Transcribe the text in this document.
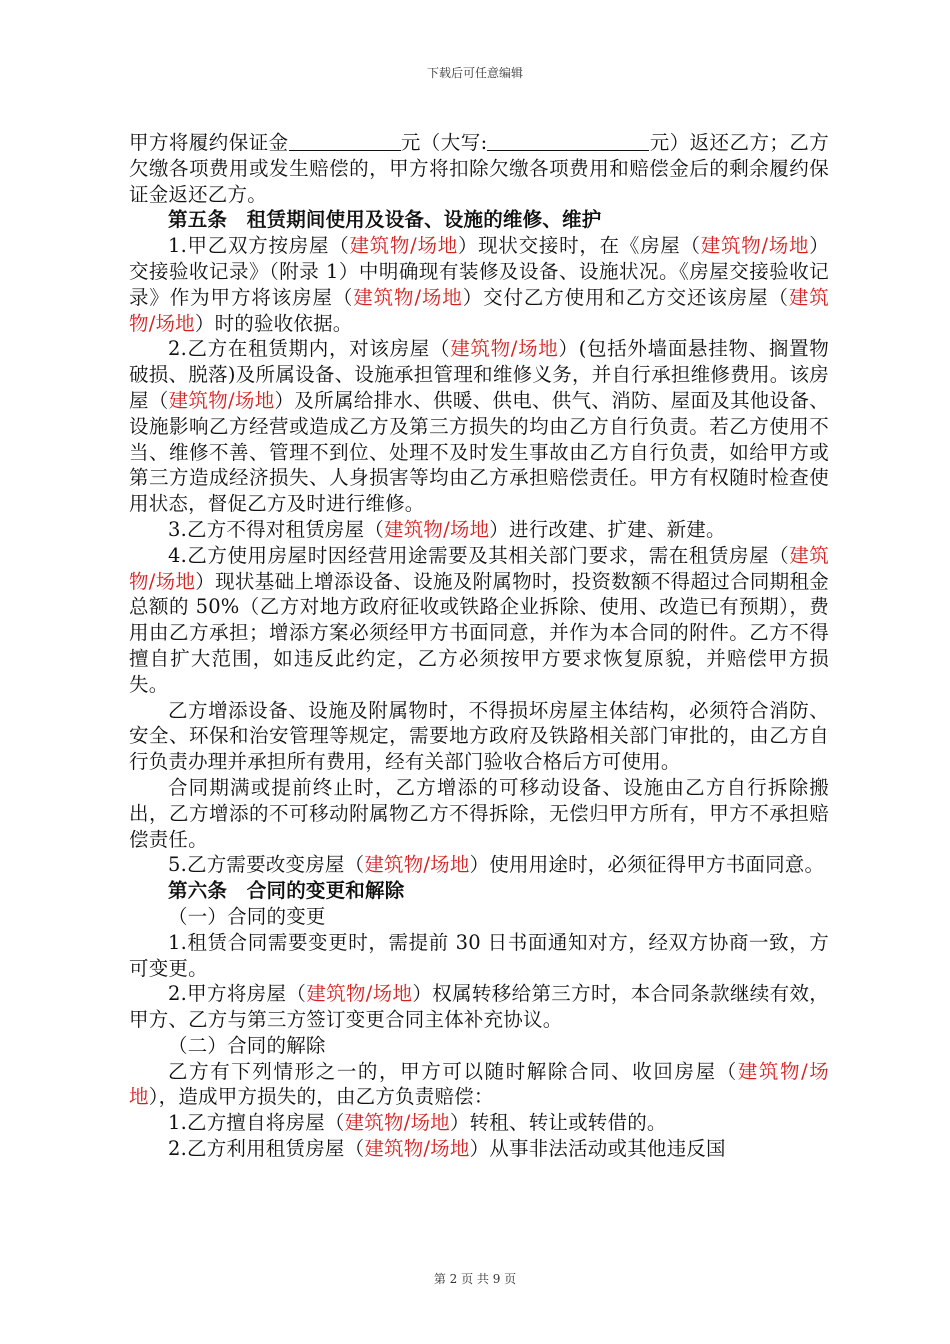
下载后可任意编辑

甲方将履约保证金	元（大写:	元）返还乙方；乙方欠缴各项费用或发生赔偿的，甲方将扣除欠缴各项费用和赔偿金后的剩余履约保证金返还乙方。

第五条　租赁期间使用及设备、设施的维修、维护

1.甲乙双方按房屋（建筑物/场地）现状交接时，在《房屋（建筑物/场地）交接验收记录》（附录 1）中明确现有装修及设备、设施状况。《房屋交接验收记录》作为甲方将该房屋（建筑物/场地）交付乙方使用和乙方交还该房屋（建筑物/场地）时的验收依据。

2.乙方在租赁期内，对该房屋（建筑物/场地）(包括外墙面悬挂物、搁置物破损、脱落)及所属设备、设施承担管理和维修义务，并自行承担维修费用。该房屋（建筑物/场地）及所属给排水、供暖、供电、供气、消防、屋面及其他设备、设施影响乙方经营或造成乙方及第三方损失的均由乙方自行负责。若乙方使用不当、维修不善、管理不到位、处理不及时发生事故由乙方自行负责，如给甲方或第三方造成经济损失、人身损害等均由乙方承担赔偿责任。甲方有权随时检查使用状态，督促乙方及时进行维修。

3.乙方不得对租赁房屋（建筑物/场地）进行改建、扩建、新建。

4.乙方使用房屋时因经营用途需要及其相关部门要求，需在租赁房屋（建筑物/场地）现状基础上增添设备、设施及附属物时，投资数额不得超过合同期租金总额的 50%（乙方对地方政府征收或铁路企业拆除、使用、改造已有预期），费用由乙方承担；增添方案必须经甲方书面同意，并作为本合同的附件。乙方不得擅自扩大范围，如违反此约定，乙方必须按甲方要求恢复原貌，并赔偿甲方损失。

乙方增添设备、设施及附属物时，不得损坏房屋主体结构，必须符合消防、安全、环保和治安管理等规定，需要地方政府及铁路相关部门审批的，由乙方自行负责办理并承担所有费用，经有关部门验收合格后方可使用。

合同期满或提前终止时，乙方增添的可移动设备、设施由乙方自行拆除搬出，乙方增添的不可移动附属物乙方不得拆除，无偿归甲方所有，甲方不承担赔偿责任。

5.乙方需要改变房屋（建筑物/场地）使用用途时，必须征得甲方书面同意。

第六条　合同的变更和解除

（一）合同的变更

1.租赁合同需要变更时，需提前 30 日书面通知对方，经双方协商一致，方可变更。

2.甲方将房屋（建筑物/场地）权属转移给第三方时，本合同条款继续有效，甲方、乙方与第三方签订变更合同主体补充协议。

（二）合同的解除

乙方有下列情形之一的，甲方可以随时解除合同、收回房屋（建筑物/场地），造成甲方损失的，由乙方负责赔偿：

1.乙方擅自将房屋（建筑物/场地）转租、转让或转借的。

2.乙方利用租赁房屋（建筑物/场地）从事非法活动或其他违反国

第 2 页 共 9 页
